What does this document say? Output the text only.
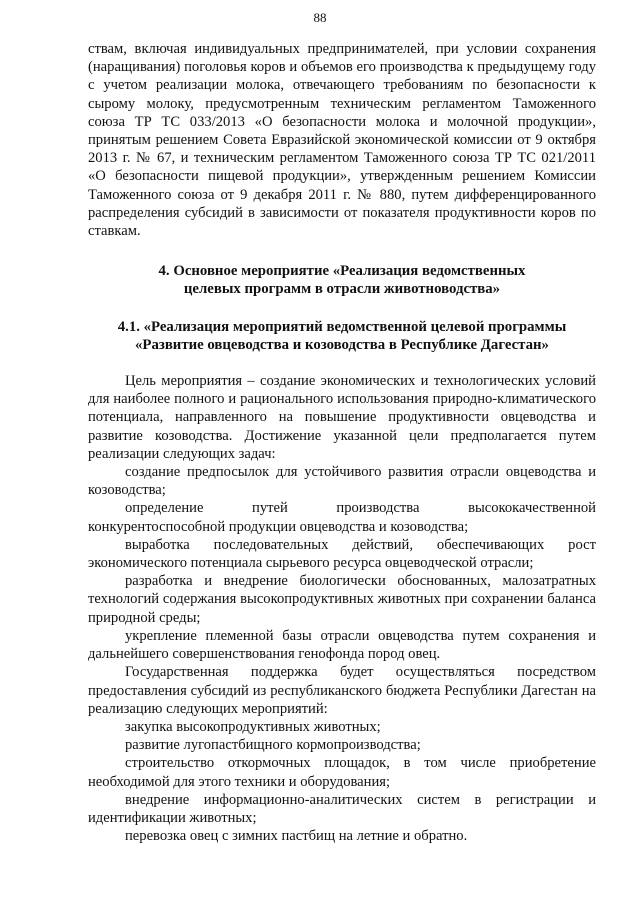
88

ствам, включая индивидуальных предпринимателей, при условии сохранения (наращивания) поголовья коров и объемов его производства к предыдущему году с учетом реализации молока, отвечающего требованиям по безопасности к сырому молоку, предусмотренным техническим регламентом Таможенного союза ТР ТС 033/2013 «О безопасности молока и молочной продукции», принятым решением Совета Евразийской экономической комиссии от 9 октября 2013 г. № 67, и техническим регламентом Таможенного союза ТР ТС 021/2011 «О безопасности пищевой продукции», утвержденным решением Комиссии Таможенного союза от 9 декабря 2011 г. № 880, путем дифференцированного распределения субсидий в зависимости от показателя продуктивности коров по ставкам.

4. Основное мероприятие «Реализация ведомственных
целевых программ в отрасли животноводства»
4.1. «Реализация мероприятий ведомственной целевой программы
«Развитие овцеводства и козоводства в Республике Дагестан»

Цель мероприятия – создание экономических и технологических условий для наиболее полного и рационального использования природно-климатического потенциала, направленного на повышение продуктивности овцеводства и развитие козоводства. Достижение указанной цели предполагается путем реализации следующих задач:

создание предпосылок для устойчивого развития отрасли овцеводства и козоводства;

определение путей производства высококачественной конкурентоспособной продукции овцеводства и козоводства;

выработка последовательных действий, обеспечивающих рост экономического потенциала сырьевого ресурса овцеводческой отрасли;

разработка и внедрение биологически обоснованных, малозатратных технологий содержания высокопродуктивных животных при сохранении баланса природной среды;

укрепление племенной базы отрасли овцеводства путем сохранения и дальнейшего совершенствования генофонда пород овец.

Государственная поддержка будет осуществляться посредством предоставления субсидий из республиканского бюджета Республики Дагестан на реализацию следующих мероприятий:

закупка высокопродуктивных животных;

развитие лугопастбищного кормопроизводства;

строительство откормочных площадок, в том числе приобретение необходимой для этого техники и оборудования;

внедрение информационно-аналитических систем в регистрации и идентификации животных;

перевозка овец с зимних пастбищ на летние и обратно.
